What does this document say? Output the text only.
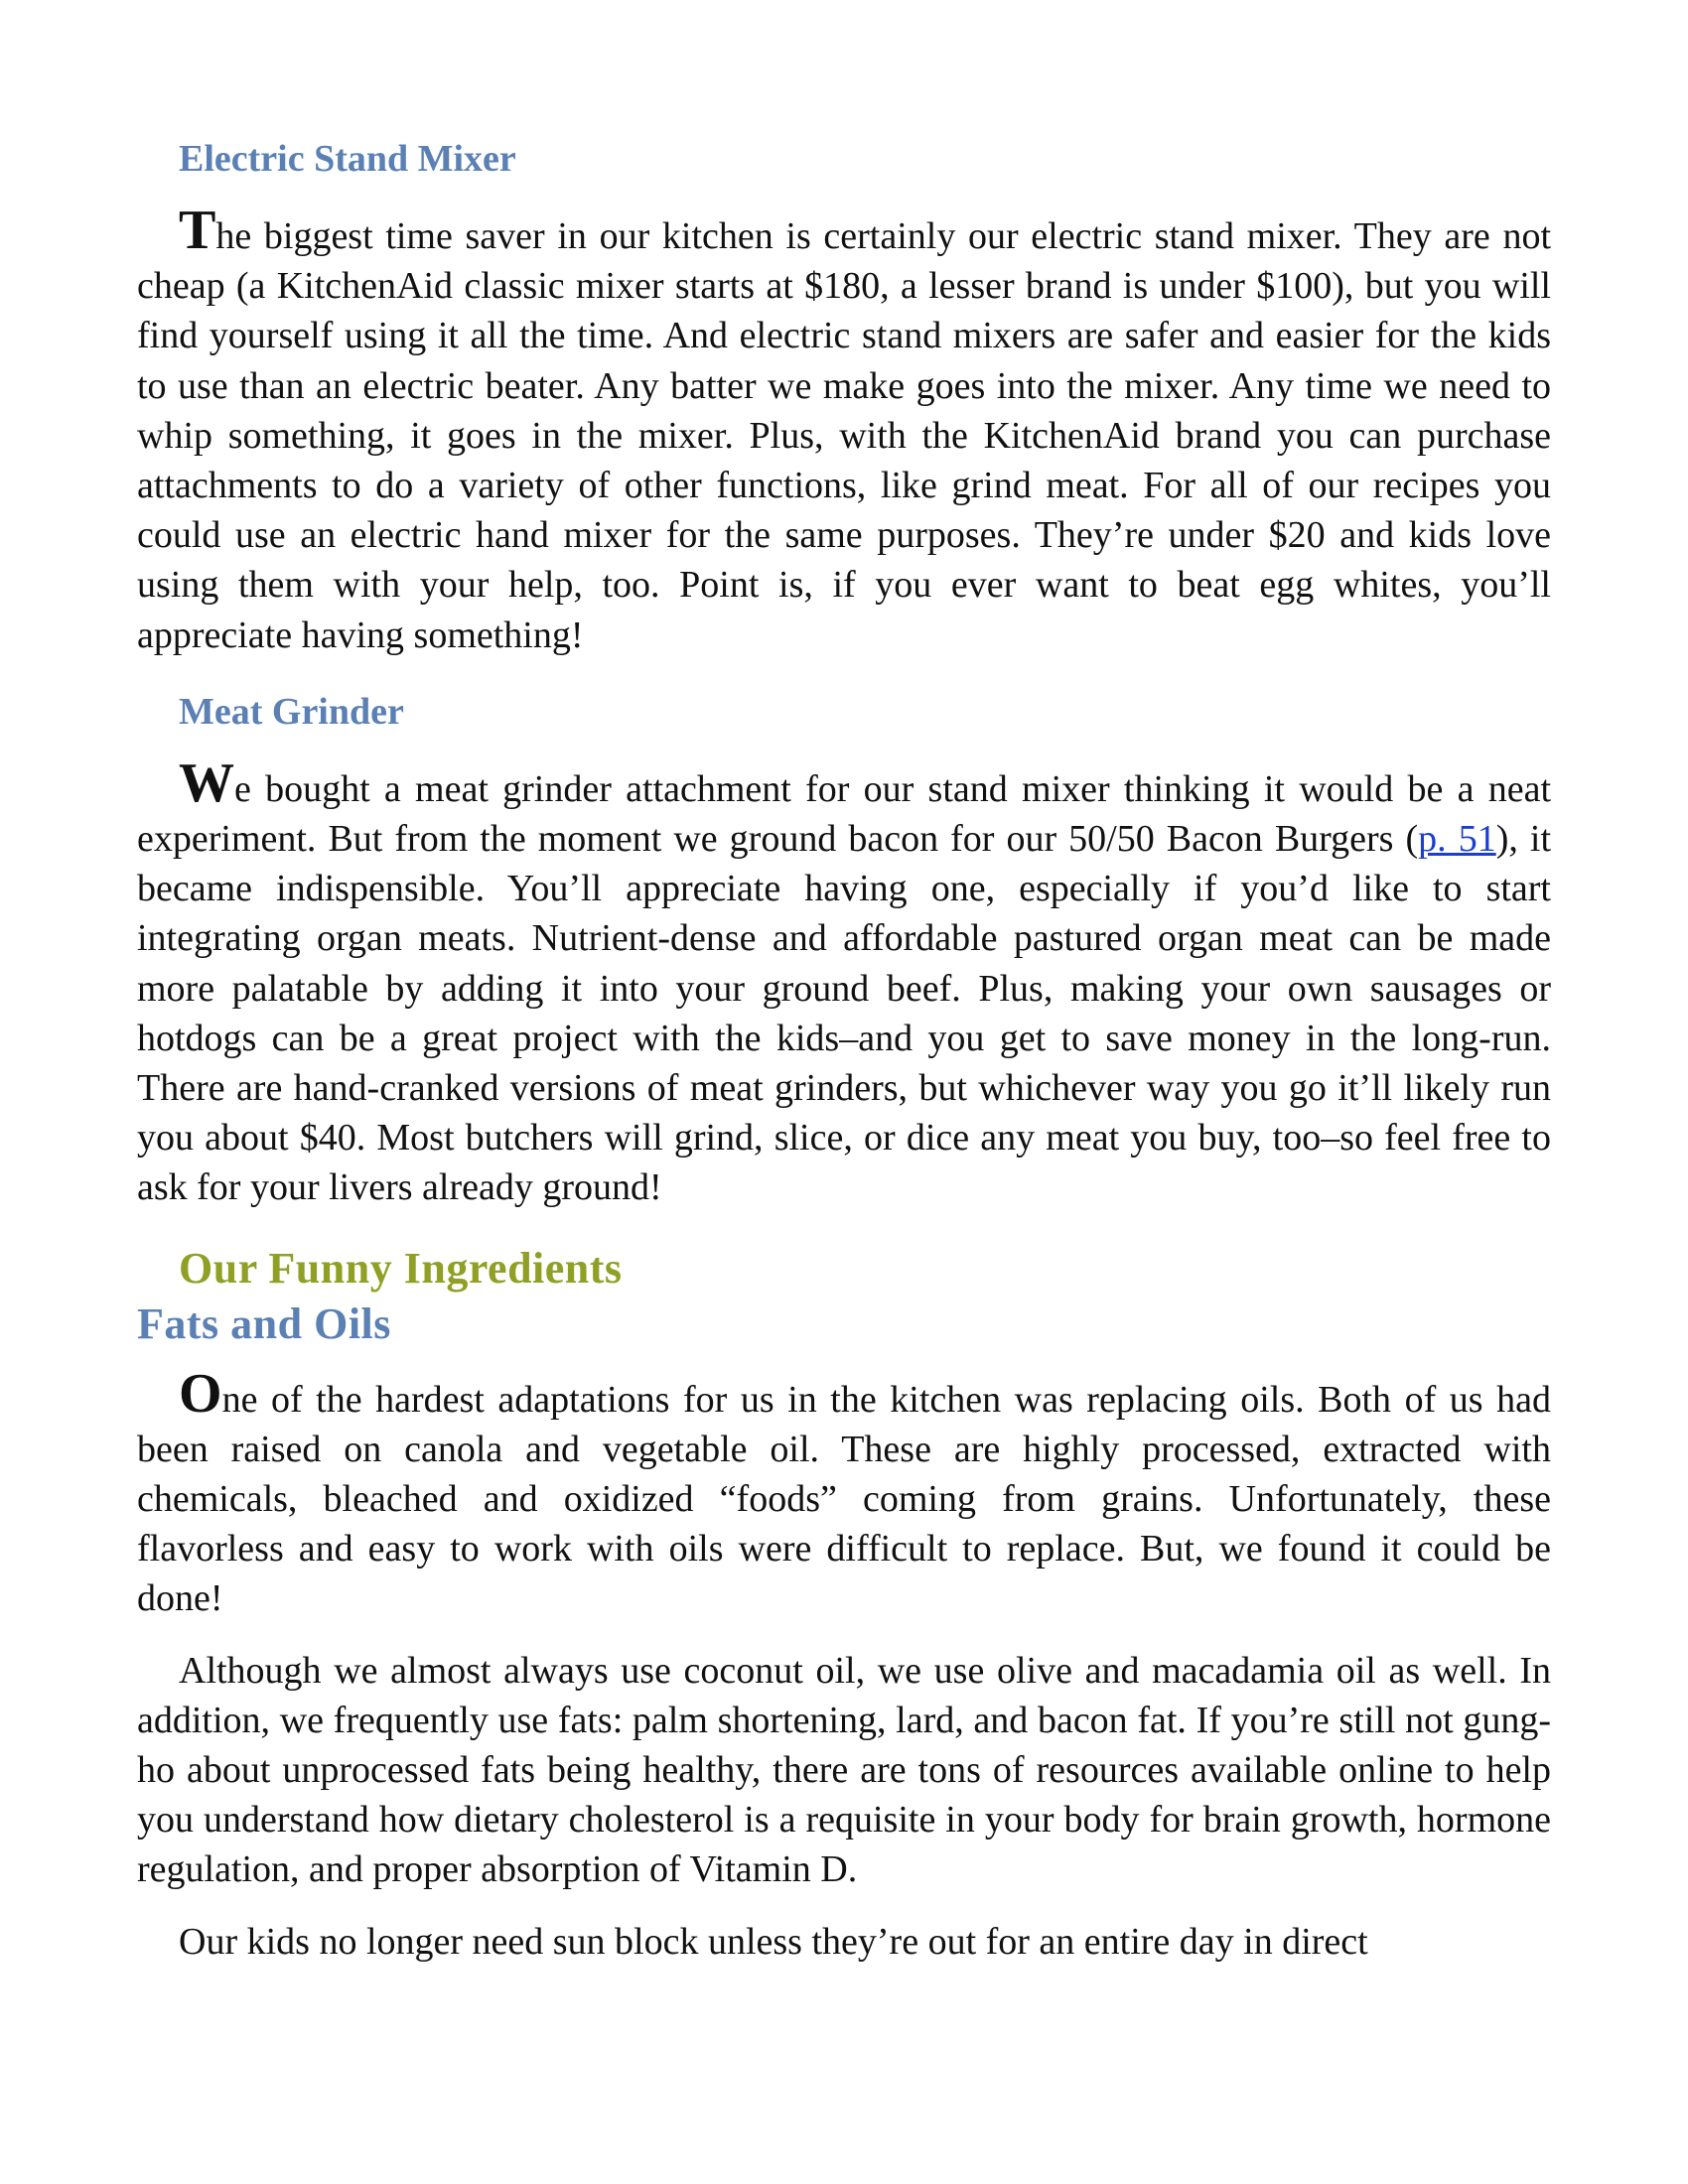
Electric Stand Mixer

The biggest time saver in our kitchen is certainly our electric stand mixer. They are not cheap (a KitchenAid classic mixer starts at $180, a lesser brand is under $100), but you will find yourself using it all the time. And electric stand mixers are safer and easier for the kids to use than an electric beater. Any batter we make goes into the mixer. Any time we need to whip something, it goes in the mixer. Plus, with the KitchenAid brand you can purchase attachments to do a variety of other functions, like grind meat. For all of our recipes you could use an electric hand mixer for the same purposes. They’re under $20 and kids love using them with your help, too. Point is, if you ever want to beat egg whites, you’ll appreciate having something!

Meat Grinder

We bought a meat grinder attachment for our stand mixer thinking it would be a neat experiment. But from the moment we ground bacon for our 50/50 Bacon Burgers (p. 51), it became indispensible. You’ll appreciate having one, especially if you’d like to start integrating organ meats. Nutrient-dense and affordable pastured organ meat can be made more palatable by adding it into your ground beef. Plus, making your own sausages or hotdogs can be a great project with the kids–and you get to save money in the long-run. There are hand-cranked versions of meat grinders, but whichever way you go it’ll likely run you about $40. Most butchers will grind, slice, or dice any meat you buy, too–so feel free to ask for your livers already ground!

Our Funny Ingredients
Fats and Oils

One of the hardest adaptations for us in the kitchen was replacing oils. Both of us had been raised on canola and vegetable oil. These are highly processed, extracted with chemicals, bleached and oxidized “foods” coming from grains. Unfortunately, these flavorless and easy to work with oils were difficult to replace. But, we found it could be done!

Although we almost always use coconut oil, we use olive and macadamia oil as well. In addition, we frequently use fats: palm shortening, lard, and bacon fat. If you’re still not gung-ho about unprocessed fats being healthy, there are tons of resources available online to help you understand how dietary cholesterol is a requisite in your body for brain growth, hormone regulation, and proper absorption of Vitamin D.

Our kids no longer need sun block unless they’re out for an entire day in direct
